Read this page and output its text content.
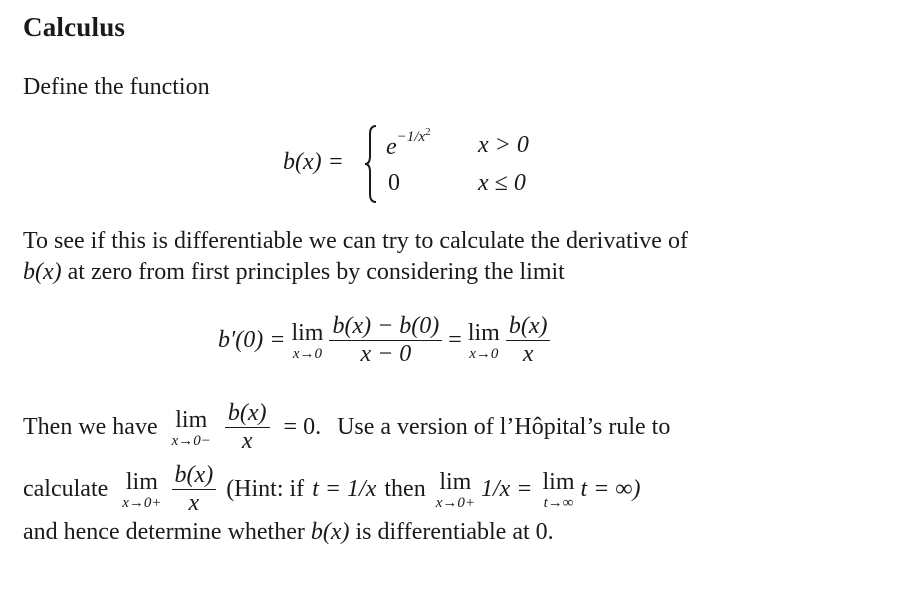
Calculus
Define the function
b(x) =
$e^{-1/x^2}$ x > 0
0	x ≤ 0
To see if this is differentiable we can try to calculate the derivative of
b(x) at zero from first principles by considering the limit
b′(0) = lim
$x\to 0 \frac{b(x) - b(0)}{x - 0} = \lim$
$x\to 0 \frac{b(x)}{x}$
Then we have lim
$x\to 0- \frac{b(x)}{x} = 0$. Use a version of l’Hôpital’s rule to
calculate lim
$x\to 0+ \frac{b(x)}{x}$ (Hint: if t = 1/x then lim
x→0+
1/x = lim
t→∞
t = ∞)
and hence determine whether b(x) is differentiable at 0.
